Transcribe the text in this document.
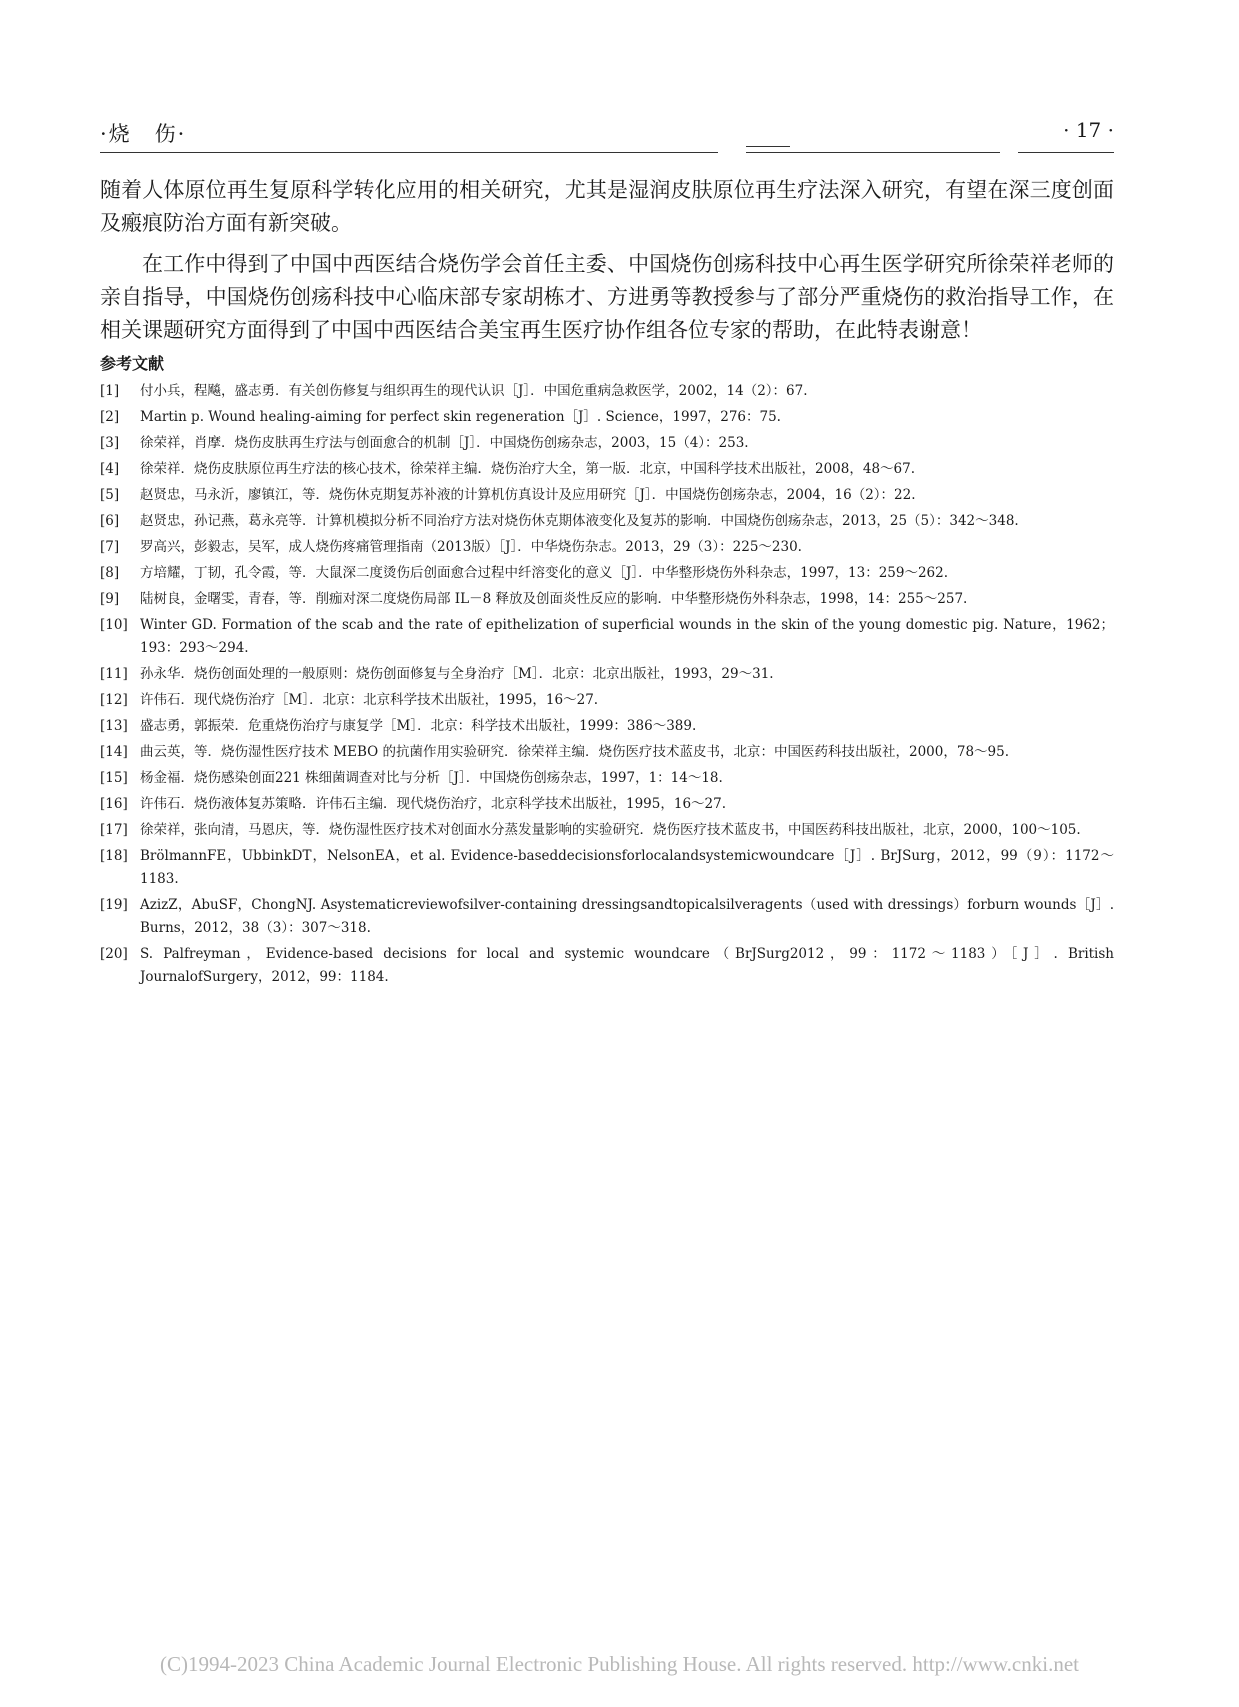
·烧　伤·	· 17 ·

随着人体原位再生复原科学转化应用的相关研究，尤其是湿润皮肤原位再生疗法深入研究，有望在深三度创面及瘢痕防治方面有新突破。

在工作中得到了中国中西医结合烧伤学会首任主委、中国烧伤创疡科技中心再生医学研究所徐荣祥老师的亲自指导，中国烧伤创疡科技中心临床部专家胡栋才、方进勇等教授参与了部分严重烧伤的救治指导工作，在相关课题研究方面得到了中国中西医结合美宝再生医疗协作组各位专家的帮助，在此特表谢意！

参考文献
[1]	付小兵，程飚，盛志勇．有关创伤修复与组织再生的现代认识［J］．中国危重病急救医学，2002，14（2）：67.
[2]	Martin p. Wound healing-aiming for perfect skin regeneration［J］. Science，1997，276：75.
[3]	徐荣祥，肖摩．烧伤皮肤再生疗法与创面愈合的机制［J］．中国烧伤创疡杂志，2003，15（4）：253.
[4]	徐荣祥．烧伤皮肤原位再生疗法的核心技术，徐荣祥主编．烧伤治疗大全，第一版．北京，中国科学技术出版社，2008，48～67.
[5]	赵贤忠，马永沂，廖镇江，等．烧伤休克期复苏补液的计算机仿真设计及应用研究［J］．中国烧伤创疡杂志，2004，16（2）：22.
[6]	赵贤忠，孙记燕，葛永亮等．计算机模拟分析不同治疗方法对烧伤休克期体液变化及复苏的影响．中国烧伤创疡杂志，2013，25（5）：342～348.
[7]	罗高兴，彭毅志，吴军，成人烧伤疼痛管理指南（2013版）［J］．中华烧伤杂志。2013，29（3）：225～230.
[8]	方培耀，丁韧，孔令霞，等．大鼠深二度烫伤后创面愈合过程中纤溶变化的意义［J］．中华整形烧伤外科杂志，1997，13：259～262.
[9]	陆树良，金曙雯，青春，等．削痂对深二度烧伤局部 IL－8 释放及创面炎性反应的影响．中华整形烧伤外科杂志，1998，14：255～257.
[10] Winter GD. Formation of the scab and the rate of epithelization of superficial wounds in the skin of the young domestic pig. Nature，1962；193：293～294.
[11] 孙永华．烧伤创面处理的一般原则：烧伤创面修复与全身治疗［M］．北京：北京出版社，1993，29～31.
[12] 许伟石．现代烧伤治疗［M］．北京：北京科学技术出版社，1995，16～27.
[13] 盛志勇，郭振荣．危重烧伤治疗与康复学［M］．北京：科学技术出版社，1999：386～389.
[14] 曲云英，等．烧伤湿性医疗技术 MEBO 的抗菌作用实验研究．徐荣祥主编．烧伤医疗技术蓝皮书，北京：中国医药科技出版社，2000，78～95.
[15] 杨金福．烧伤感染创面221 株细菌调查对比与分析［J］．中国烧伤创疡杂志，1997，1：14～18.
[16] 许伟石．烧伤液体复苏策略．许伟石主编．现代烧伤治疗，北京科学技术出版社，1995，16～27.
[17] 徐荣祥，张向清，马恩庆，等．烧伤湿性医疗技术对创面水分蒸发量影响的实验研究．烧伤医疗技术蓝皮书，中国医药科技出版社，北京，2000，100～105.
[18] BrölmannFE，UbbinkDT，NelsonEA，et al. Evidence-baseddecisionsforlocalandsystemicwoundcare［J］. BrJSurg，2012，99（9）：1172～1183.
[19] AzizZ，AbuSF，ChongNJ. Asystematicreviewofsilver-containing dressingsandtopicalsilveragents（used with dressings）forburn wounds［J］. Burns，2012，38（3）：307～318.
[20] S. Palfreyman，Evidence-based decisions for local and systemic woundcare（BrJSurg2012，99：1172～1183）［J］. British JournalofSurgery，2012，99：1184.
(C)1994-2023 China Academic Journal Electronic Publishing House. All rights reserved. http://www.cnki.net
